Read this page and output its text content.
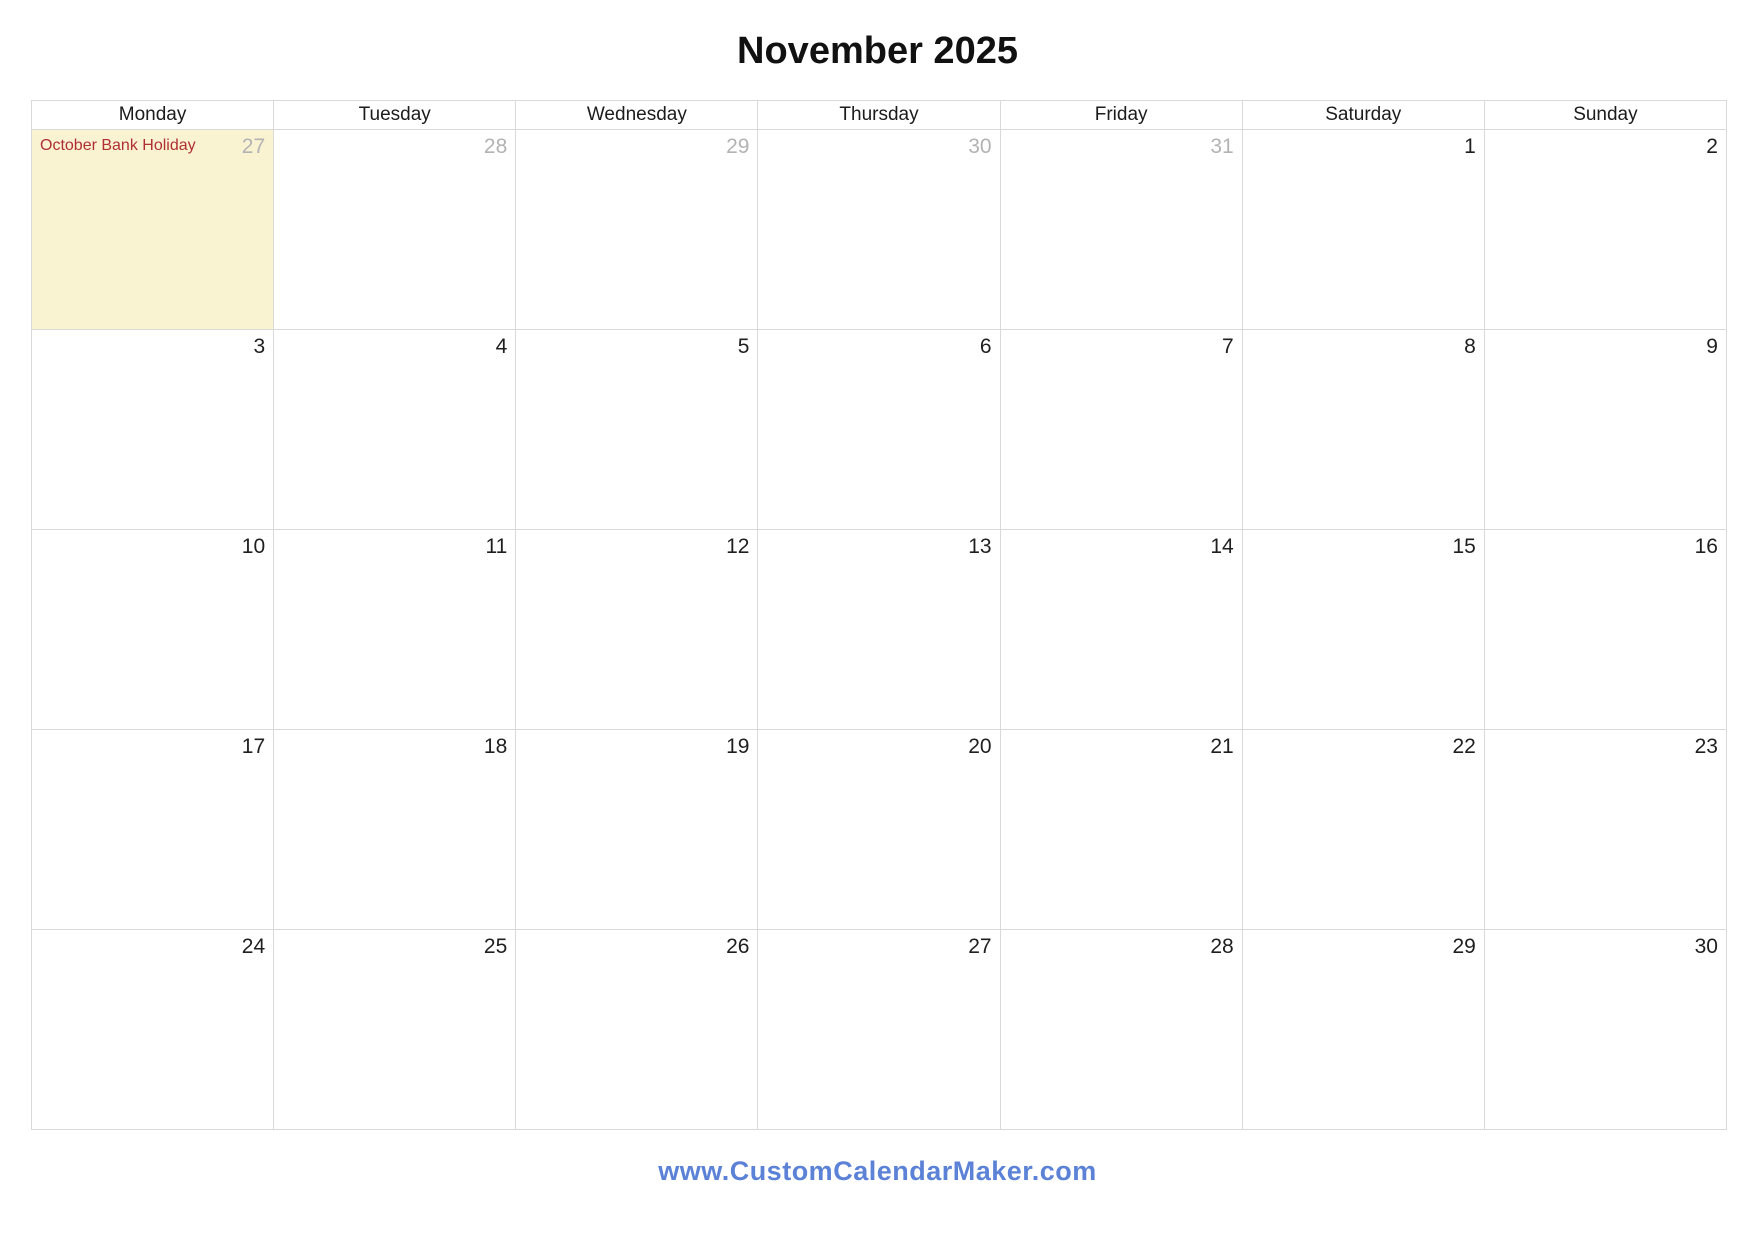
November 2025
Monday	Tuesday	Wednesday	Thursday	Friday	Saturday	Sunday
October Bank Holiday 27	28	29	30	31	1	2
3	4	5	6	7	8	9
10	11	12	13	14	15	16
17	18	19	20	21	22	23
24	25	26	27	28	29	30
www.CustomCalendarMaker.com
